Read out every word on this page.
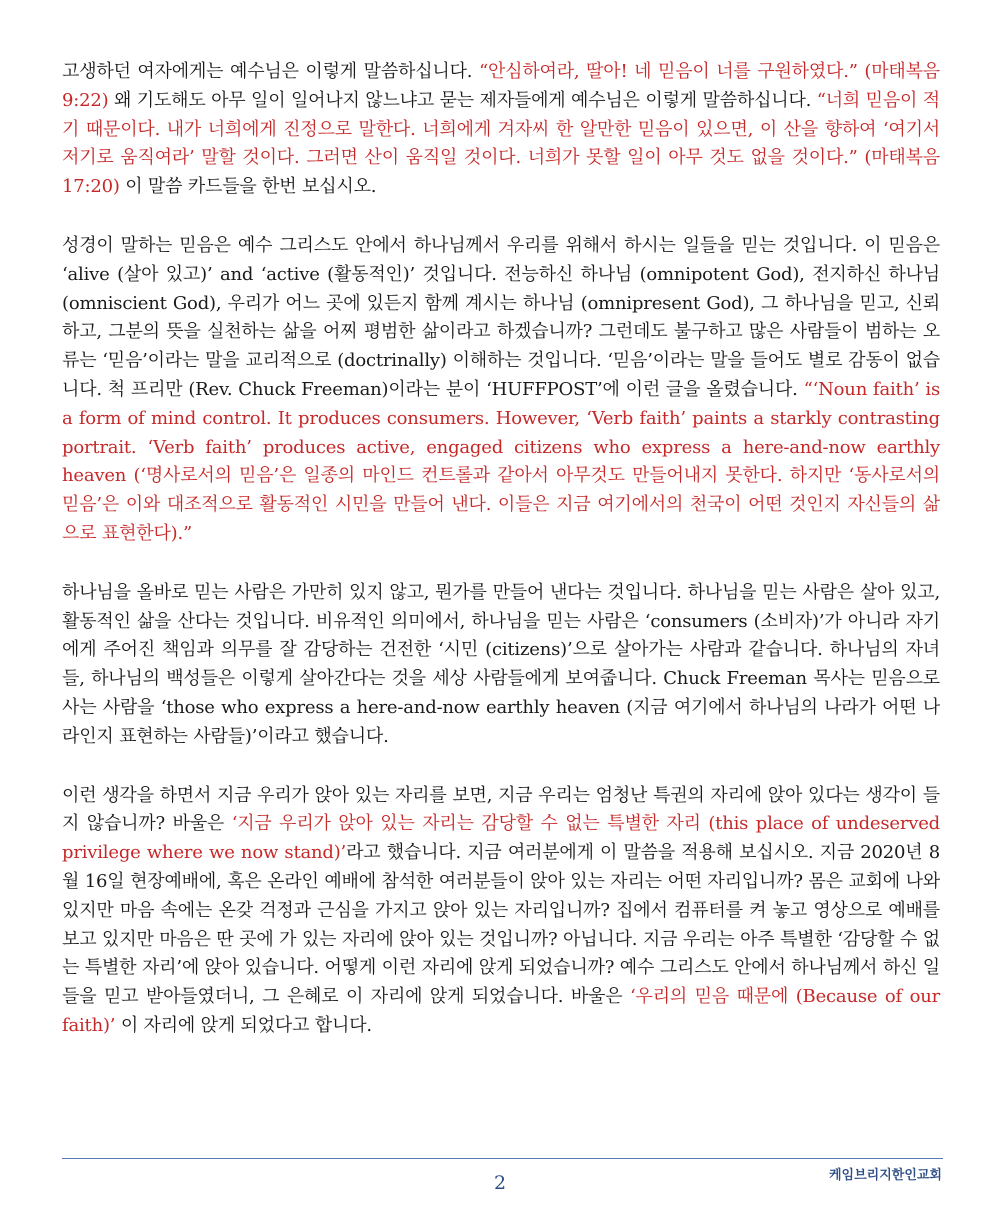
고생하던 여자에게는 예수님은 이렇게 말씀하십니다. “안심하여라, 딸아! 네 믿음이 너를 구원하였다.” (마태복음 9:22) 왜 기도해도 아무 일이 일어나지 않느냐고 묻는 제자들에게 예수님은 이렇게 말씀하십니다. “너희 믿음이 적기 때문이다. 내가 너희에게 진정으로 말한다. 너희에게 겨자씨 한 알만한 믿음이 있으면, 이 산을 향하여 ‘여기서 저기로 움직여라’ 말할 것이다. 그러면 산이 움직일 것이다. 너희가 못할 일이 아무 것도 없을 것이다.” (마태복음 17:20) 이 말씀 카드들을 한번 보십시오.

성경이 말하는 믿음은 예수 그리스도 안에서 하나님께서 우리를 위해서 하시는 일들을 믿는 것입니다. 이 믿음은 ‘alive (살아 있고)’ and ‘active (활동적인)’ 것입니다. 전능하신 하나님 (omnipotent God), 전지하신 하나님 (omniscient God), 우리가 어느 곳에 있든지 함께 계시는 하나님 (omnipresent God), 그 하나님을 믿고, 신뢰하고, 그분의 뜻을 실천하는 삶을 어찌 평범한 삶이라고 하겠습니까? 그런데도 불구하고 많은 사람들이 범하는 오류는 ‘믿음’이라는 말을 교리적으로 (doctrinally) 이해하는 것입니다. ‘믿음’이라는 말을 들어도 별로 감동이 없습니다. 척 프리만 (Rev. Chuck Freeman)이라는 분이 ‘HUFFPOST’에 이런 글을 올렸습니다. “‘Noun faith’ is a form of mind control. It produces consumers. However, ‘Verb faith’ paints a starkly contrasting portrait. ‘Verb faith’ produces active, engaged citizens who express a here-and-now earthly heaven (‘명사로서의 믿음’은 일종의 마인드 컨트롤과 같아서 아무것도 만들어내지 못한다. 하지만 ‘동사로서의 믿음’은 이와 대조적으로 활동적인 시민을 만들어 낸다. 이들은 지금 여기에서의 천국이 어떤 것인지 자신들의 삶으로 표현한다).”

하나님을 올바로 믿는 사람은 가만히 있지 않고, 뭔가를 만들어 낸다는 것입니다. 하나님을 믿는 사람은 살아 있고, 활동적인 삶을 산다는 것입니다. 비유적인 의미에서, 하나님을 믿는 사람은 ‘consumers (소비자)’가 아니라 자기에게 주어진 책임과 의무를 잘 감당하는 건전한 ‘시민 (citizens)’으로 살아가는 사람과 같습니다. 하나님의 자녀들, 하나님의 백성들은 이렇게 살아간다는 것을 세상 사람들에게 보여줍니다. Chuck Freeman 목사는 믿음으로 사는 사람을 ‘those who express a here-and-now earthly heaven (지금 여기에서 하나님의 나라가 어떤 나라인지 표현하는 사람들)’이라고 했습니다.

이런 생각을 하면서 지금 우리가 앉아 있는 자리를 보면, 지금 우리는 엄청난 특권의 자리에 앉아 있다는 생각이 들지 않습니까? 바울은 ‘지금 우리가 앉아 있는 자리는 감당할 수 없는 특별한 자리 (this place of undeserved privilege where we now stand)’라고 했습니다. 지금 여러분에게 이 말씀을 적용해 보십시오. 지금 2020년 8월 16일 현장예배에, 혹은 온라인 예배에 참석한 여러분들이 앉아 있는 자리는 어떤 자리입니까? 몸은 교회에 나와 있지만 마음 속에는 온갖 걱정과 근심을 가지고 앉아 있는 자리입니까? 집에서 컴퓨터를 켜 놓고 영상으로 예배를 보고 있지만 마음은 딴 곳에 가 있는 자리에 앉아 있는 것입니까? 아닙니다. 지금 우리는 아주 특별한 ‘감당할 수 없는 특별한 자리’에 앉아 있습니다. 어떻게 이런 자리에 앉게 되었습니까? 예수 그리스도 안에서 하나님께서 하신 일들을 믿고 받아들였더니, 그 은혜로 이 자리에 앉게 되었습니다. 바울은 ‘우리의 믿음 때문에 (Because of our faith)’ 이 자리에 앉게 되었다고 합니다.

2	케임브리지한인교회
